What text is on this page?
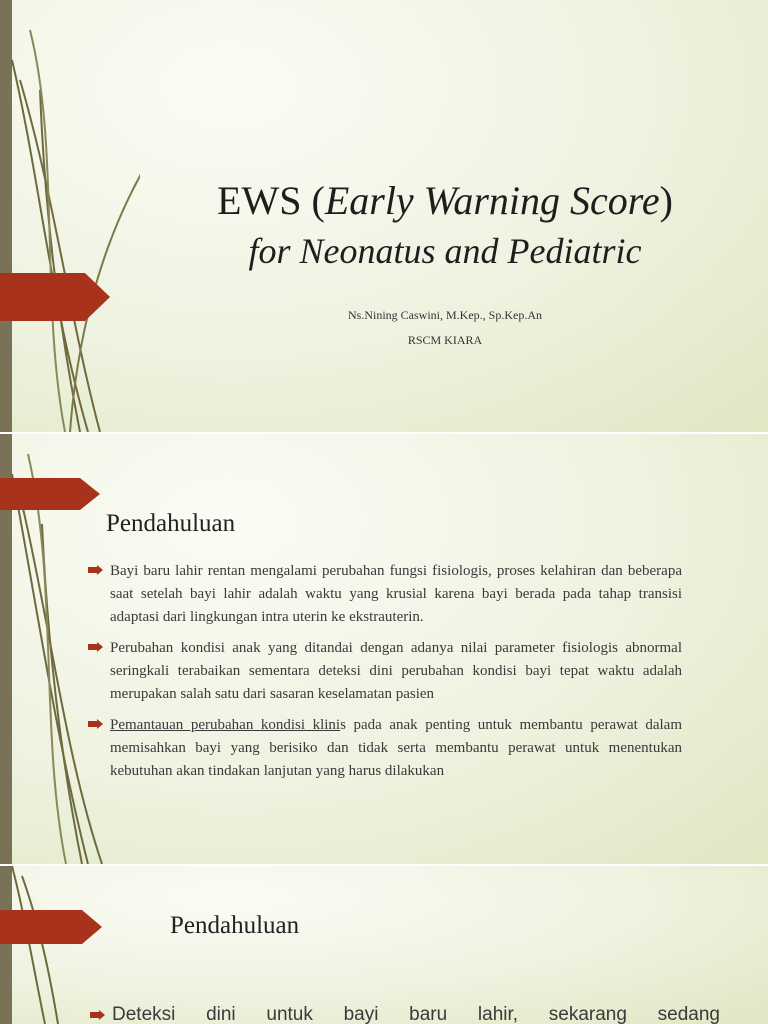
EWS (Early Warning Score)
for Neonatus and Pediatric
Ns.Nining Caswini, M.Kep., Sp.Kep.An
RSCM KIARA
Pendahuluan
Bayi baru lahir rentan mengalami perubahan fungsi fisiologis, proses kelahiran dan beberapa saat setelah bayi lahir adalah waktu yang krusial karena bayi berada pada tahap transisi adaptasi dari lingkungan intra uterin ke ekstrauterin.
Perubahan kondisi anak yang ditandai dengan adanya nilai parameter fisiologis abnormal seringkali terabaikan sementara deteksi dini perubahan kondisi bayi tepat waktu adalah merupakan salah satu dari sasaran keselamatan pasien
Pemantauan perubahan kondisi klinis pada anak penting untuk membantu perawat dalam memisahkan bayi yang berisiko dan tidak serta membantu perawat untuk menentukan kebutuhan akan tindakan lanjutan yang harus dilakukan
Pendahuluan
Deteksi dini untuk bayi baru lahir, sekarang sedang
